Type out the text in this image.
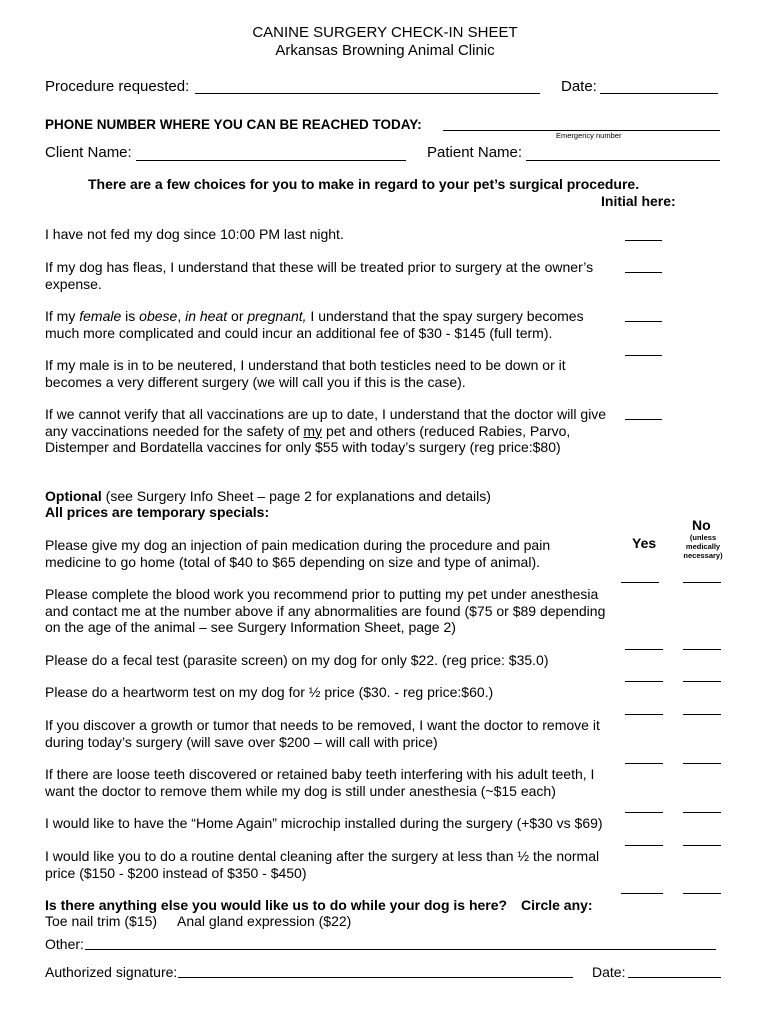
CANINE SURGERY CHECK-IN SHEET
Arkansas Browning Animal Clinic
Procedure requested:	Date:
PHONE NUMBER WHERE YOU CAN BE REACHED TODAY:
Emergency number
Client Name:	Patient Name:
There are a few choices for you to make in regard to your pet’s surgical procedure.
Initial here:
I have not fed my dog since 10:00 PM last night.
If my dog has fleas, I understand that these will be treated prior to surgery at the owner’s expense.
If my female is obese, in heat or pregnant, I understand that the spay surgery becomes much more complicated and could incur an additional fee of $30 - $145 (full term).
If my male is in to be neutered, I understand that both testicles need to be down or it becomes a very different surgery (we will call you if this is the case).
If we cannot verify that all vaccinations are up to date, I understand that the doctor will give any vaccinations needed for the safety of my pet and others (reduced Rabies, Parvo, Distemper and Bordatella vaccines for only $55 with today’s surgery (reg price:$80)
Optional (see Surgery Info Sheet – page 2 for explanations and details)
All prices are temporary specials:
No
Yes	(unless medically necessary)
Please give my dog an injection of pain medication during the procedure and pain medicine to go home (total of $40 to $65 depending on size and type of animal).
Please complete the blood work you recommend prior to putting my pet under anesthesia and contact me at the number above if any abnormalities are found ($75 or $89 depending on the age of the animal – see Surgery Information Sheet, page 2)
Please do a fecal test (parasite screen) on my dog for only $22. (reg price: $35.0)
Please do a heartworm test on my dog for ½ price ($30. - reg price:$60.)
If you discover a growth or tumor that needs to be removed, I want the doctor to remove it during today’s surgery (will save over $200 – will call with price)
If there are loose teeth discovered or retained baby teeth interfering with his adult teeth, I want the doctor to remove them while my dog is still under anesthesia (~$15 each)
I would like to have the “Home Again” microchip installed during the surgery (+$30 vs $69)
I would like you to do a routine dental cleaning after the surgery at less than ½ the normal price ($150 - $200 instead of $350 - $450)
Is there anything else you would like us to do while your dog is here? Circle any:
Toe nail trim ($15) Anal gland expression ($22)
Other:
Authorized signature:	Date:
